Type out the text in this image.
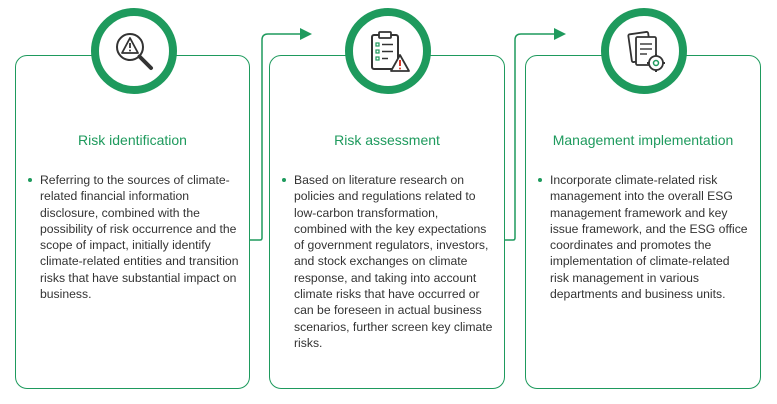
Risk identification
Referring to the sources of climate-related financial information disclosure, combined with the possibility of risk occurrence and the scope of impact, initially identify climate-related entities and transition risks that have substantial impact on business.
Risk assessment
Based on literature research on policies and regulations related to low-carbon transformation, combined with the key expectations of government regulators, investors, and stock exchanges on climate response, and taking into account climate risks that have occurred or can be foreseen in actual business scenarios, further screen key climate risks.
Management implementation
Incorporate climate-related risk management into the overall ESG management framework and key issue framework, and the ESG office coordinates and promotes the implementation of climate-related risk management in various departments and business units.
